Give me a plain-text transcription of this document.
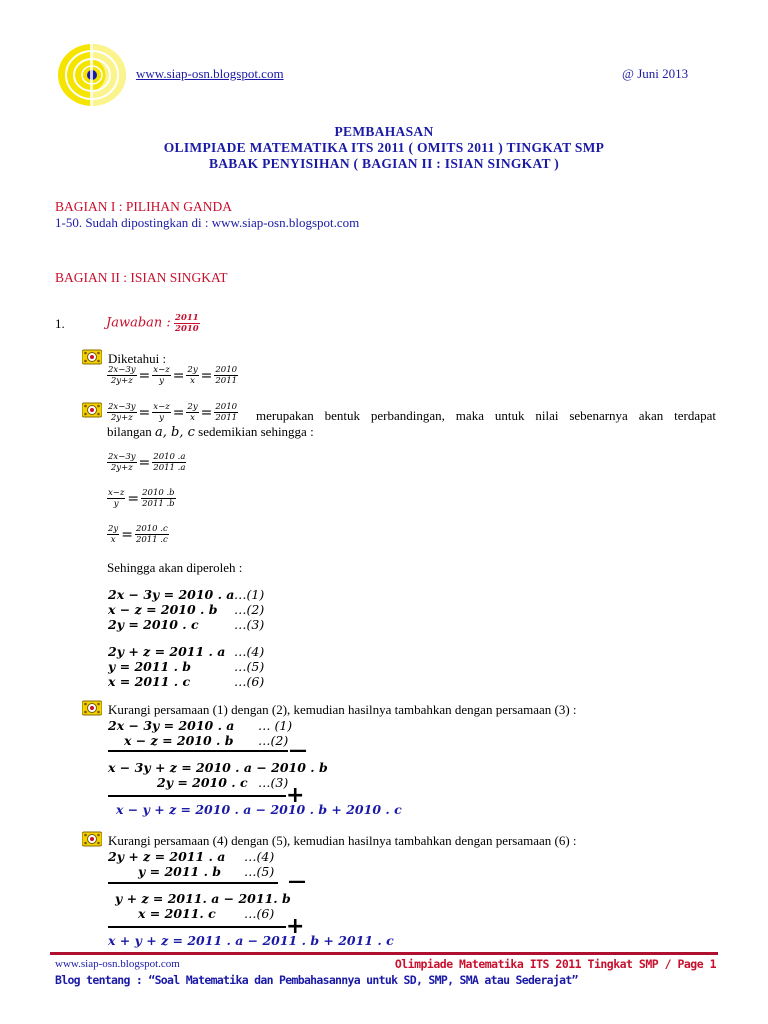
www.siap-osn.blogspot.com	@ Juni 2013
PEMBAHASAN
OLIMPIADE MATEMATIKA ITS 2011 ( OMITS 2011 ) TINGKAT SMP
BABAK PENYISIHAN ( BAGIAN II : ISIAN SINGKAT )
BAGIAN I : PILIHAN GANDA
1-50. Sudah dipostingkan di : www.siap-osn.blogspot.com
BAGIAN II : ISIAN SINGKAT
1.	Jawaban : $\frac{2011}{2010}$
Diketahui :
$\frac{2x-3y}{2y+z} = \frac{x-z}{y} = \frac{2y}{x} = \frac{2010}{2011}$
$\frac{2x-3y}{2y+z} = \frac{x-z}{y} = \frac{2y}{x} = \frac{2010}{2011}$ merupakan bentuk perbandingan, maka untuk nilai sebenarnya akan terdapat
bilangan a, b, c sedemikian sehingga :
$\frac{2x-3y}{2y+z} = \frac{2010 .a}{2011 .a}$
$\frac{x-z}{y} = \frac{2010 .b}{2011 .b}$
$\frac{2y}{x} = \frac{2010 .c}{2011 .c}$
Sehingga akan diperoleh :
2x − 3y = 2010 . a …(1)
x − z = 2010 . b …(2)
2y = 2010 . c	…(3)
2y + z = 2011 . a …(4)
y = 2011 . b	…(5)
x = 2011 . c	…(6)
Kurangi persamaan (1) dengan (2), kemudian hasilnya tambahkan dengan persamaan (3) :
2x − 3y = 2010 . a … (1)
x − z = 2010 . b …(2) —
x − 3y + z = 2010 . a − 2010 . b
2y = 2010 . c …(3)
+
x − y + z = 2010 . a − 2010 . b + 2010 . c
Kurangi persamaan (4) dengan (5), kemudian hasilnya tambahkan dengan persamaan (6) :
2y + z = 2011 . a …(4)
y = 2011 . b …(5) —
y + z = 2011. a − 2011. b
x = 2011. c …(6)
+
x + y + z = 2011 . a − 2011 . b + 2011 . c
www.siap-osn.blogspot.com	Olimpiade Matematika ITS 2011 Tingkat SMP / Page 1
Blog tentang : “Soal Matematika dan Pembahasannya untuk SD, SMP, SMA atau Sederajat”
